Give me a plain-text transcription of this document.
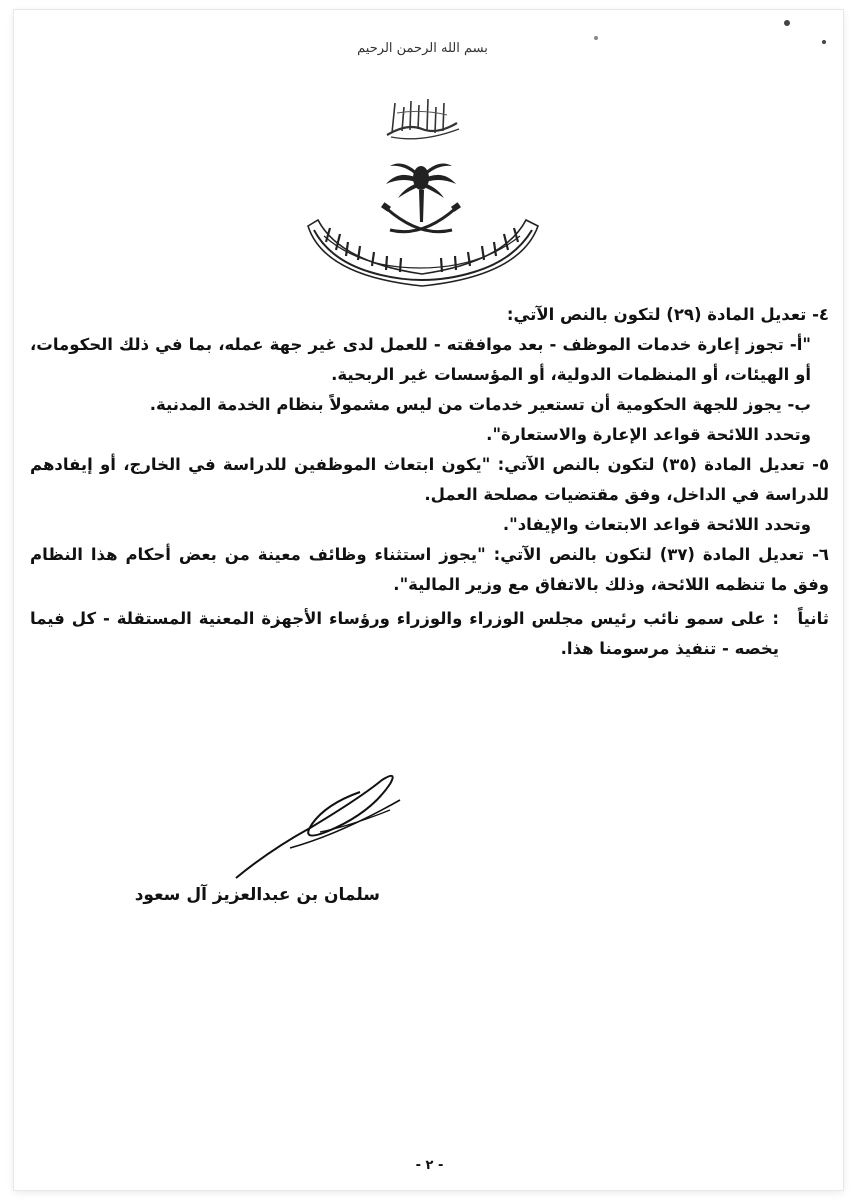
بسم الله الرحمن الرحيم

٤- تعديل المادة (٢٩) لتكون بالنص الآتي:

"أ- تجوز إعارة خدمات الموظف - بعد موافقته - للعمل لدى غير جهة عمله، بما في ذلك الحكومات، أو الهيئات، أو المنظمات الدولية، أو المؤسسات غير الربحية.

ب- يجوز للجهة الحكومية أن تستعير خدمات من ليس مشمولاً بنظام الخدمة المدنية.

وتحدد اللائحة قواعد الإعارة والاستعارة".

٥- تعديل المادة (٣٥) لتكون بالنص الآتي: "يكون ابتعاث الموظفين للدراسة في الخارج، أو إيفادهم للدراسة في الداخل، وفق مقتضيات مصلحة العمل.

وتحدد اللائحة قواعد الابتعاث والإيفاد".

٦- تعديل المادة (٣٧) لتكون بالنص الآتي: "يجوز استثناء وظائف معينة من بعض أحكام هذا النظام وفق ما تنظمه اللائحة، وذلك بالاتفاق مع وزير المالية".

ثانياً
: على سمو نائب رئيس مجلس الوزراء والوزراء ورؤساء الأجهزة المعنية المستقلة - كل فيما يخصه - تنفيذ مرسومنا هذا.
سلمان بن عبدالعزيز آل سعود
- ٢ -
